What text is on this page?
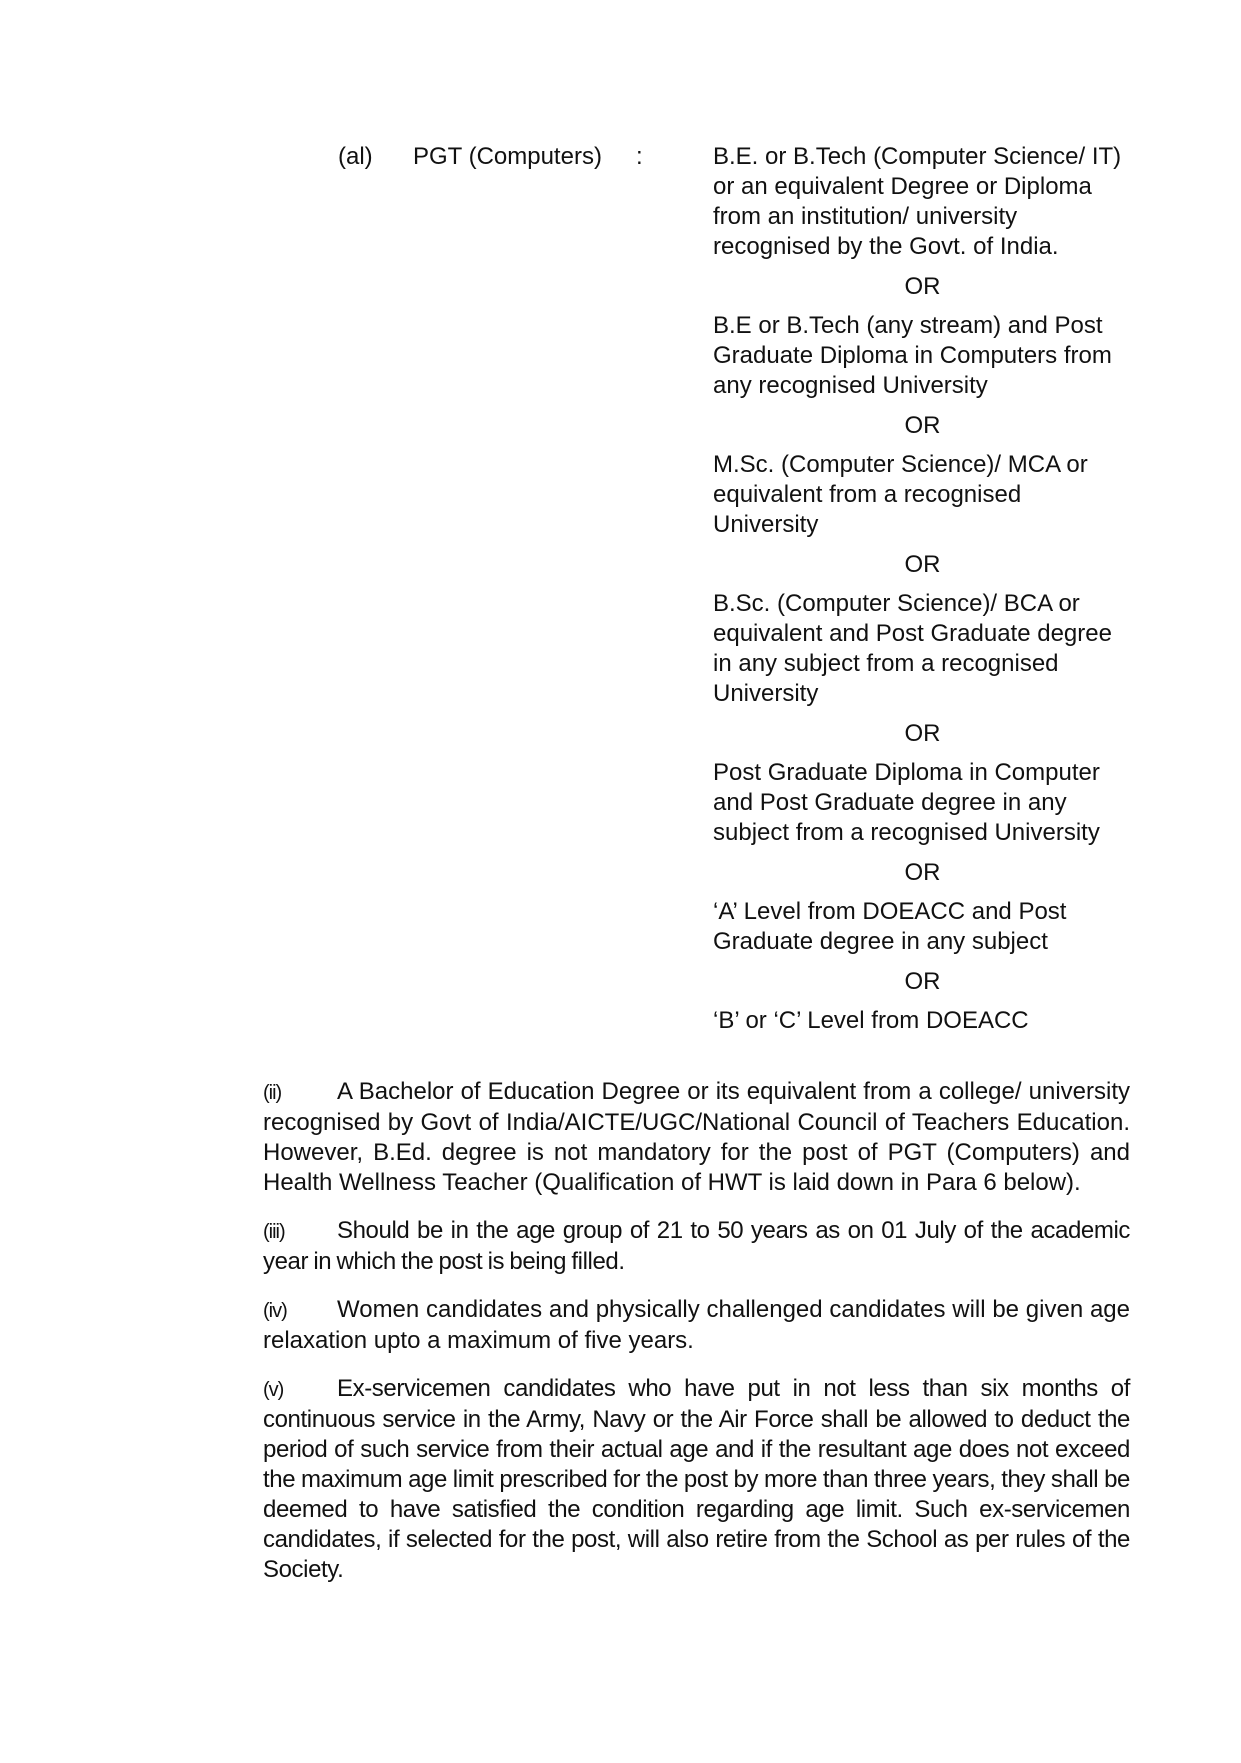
(al) PGT (Computers) :	B.E. or B.Tech (Computer Science/ IT) or an equivalent Degree or Diploma from an institution/ university recognised by the Govt. of India.

OR

B.E or B.Tech (any stream) and Post Graduate Diploma in Computers from any recognised University

OR

M.Sc. (Computer Science)/ MCA or equivalent from a recognised University

OR

B.Sc. (Computer Science)/ BCA or equivalent and Post Graduate degree in any subject from a recognised University

OR

Post Graduate Diploma in Computer and Post Graduate degree in any subject from a recognised University

OR

‘A’ Level from DOEACC and Post Graduate degree in any subject

OR

‘B’ or ‘C’ Level from DOEACC

(ii) A Bachelor of Education Degree or its equivalent from a college/ university recognised by Govt of India/AICTE/UGC/National Council of Teachers Education. However, B.Ed. degree is not mandatory for the post of PGT (Computers) and Health Wellness Teacher (Qualification of HWT is laid down in Para 6 below).

(iii) Should be in the age group of 21 to 50 years as on 01 July of the academic year in which the post is being filled.

(iv) Women candidates and physically challenged candidates will be given age relaxation upto a maximum of five years.

(v) Ex-servicemen candidates who have put in not less than six months of continuous service in the Army, Navy or the Air Force shall be allowed to deduct the period of such service from their actual age and if the resultant age does not exceed the maximum age limit prescribed for the post by more than three years, they shall be deemed to have satisfied the condition regarding age limit. Such ex-servicemen candidates, if selected for the post, will also retire from the School as per rules of the Society.
